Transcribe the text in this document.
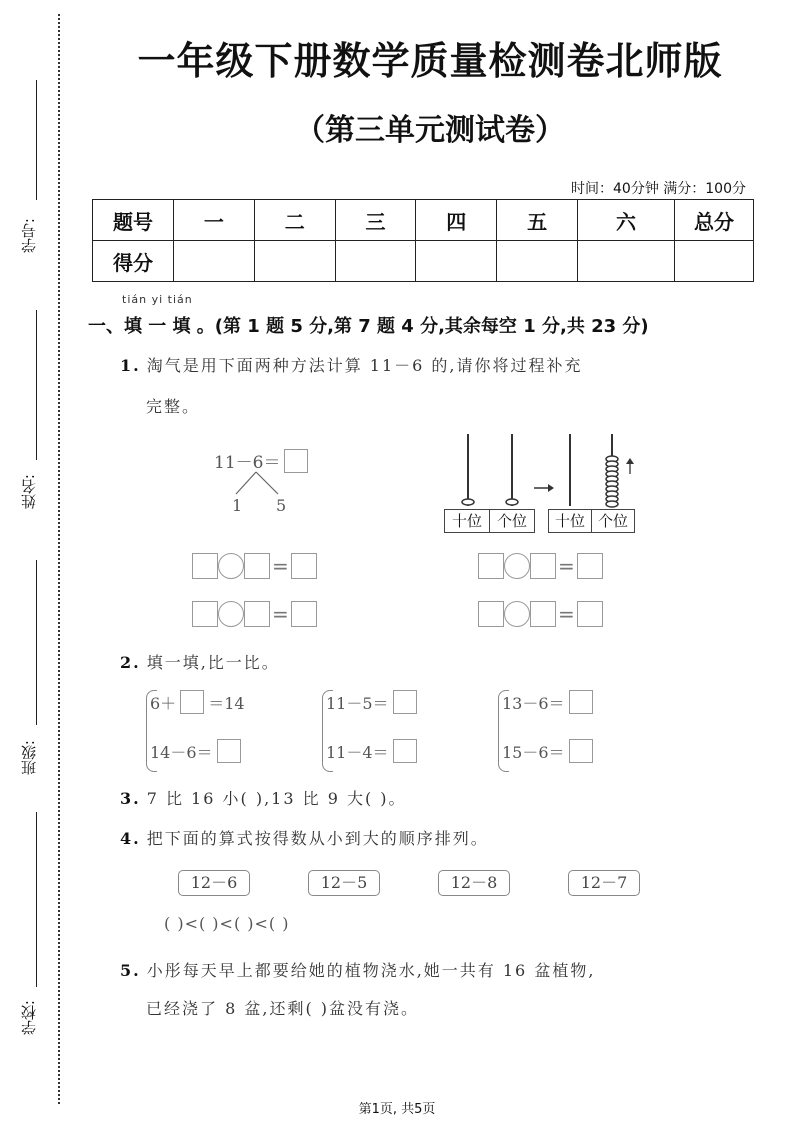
学号:
姓名:
班级:
学校:
一年级下册数学质量检测卷北师版
（第三单元测试卷）
时间：40分钟 满分：100分
题号	一	二	三	四	五	六	总分
得分							
tián yi tián
一、填 一 填 。(第 1 题 5 分,第 7 题 4 分,其余每空 1 分,共 23 分)
1. 淘气是用下面两种方法计算 11－6 的,请你将过程补充
完整。
11－6＝
1 5
十位 个位	十位 个位
=
=
=
=
2. 填一填,比一比。
6＋ ＝14
14－6＝
11－5＝
11－4＝
13－6＝
15－6＝
3. 7 比 16 小( ),13 比 9 大( )。
4. 把下面的算式按得数从小到大的顺序排列。
12－6	12－5	12－8	12－7
( )<( )<( )<( )
5. 小彤每天早上都要给她的植物浇水,她一共有 16 盆植物,
已经浇了 8 盆,还剩( )盆没有浇。
第1页, 共5页
